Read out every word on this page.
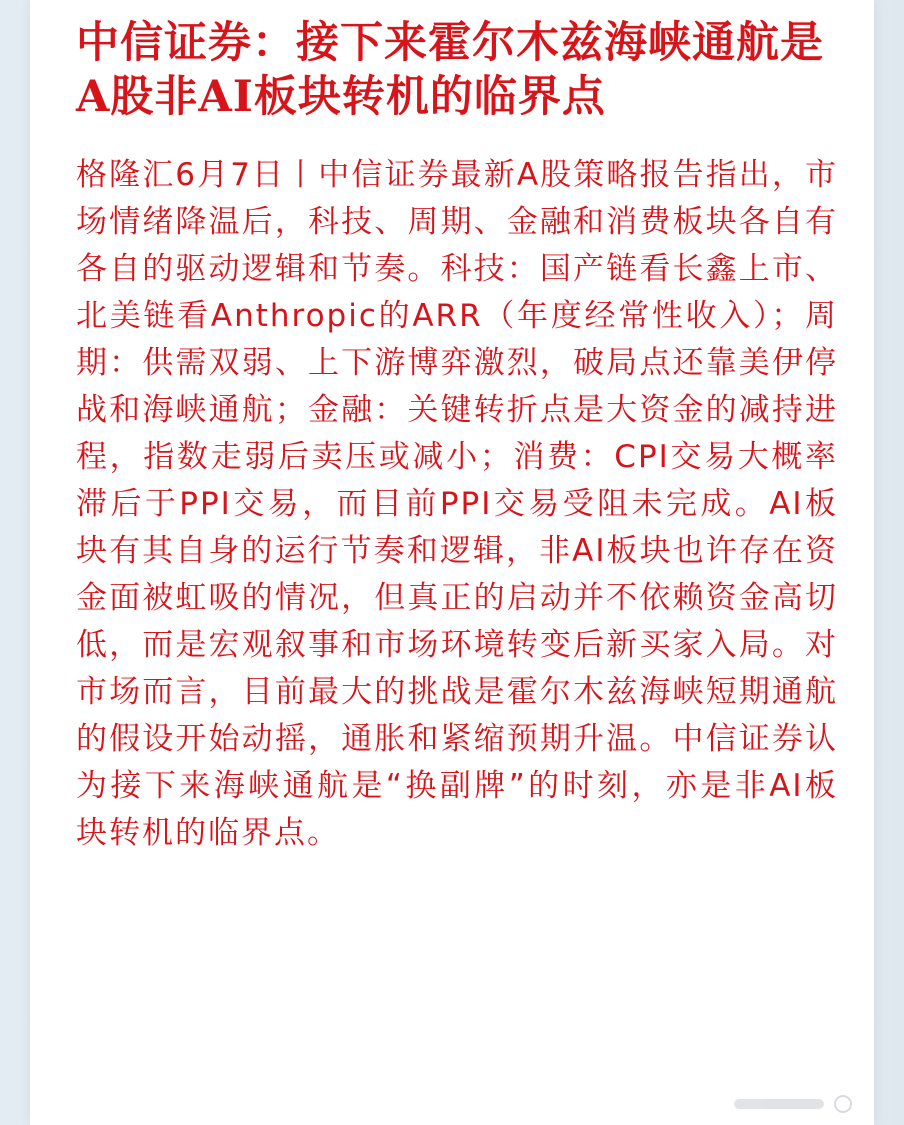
中信证券：接下来霍尔木兹海峡通航是A股非AI板块转机的临界点

格隆汇6月7日丨中信证券最新A股策略报告指出，市场情绪降温后，科技、周期、金融和消费板块各自有各自的驱动逻辑和节奏。科技：国产链看长鑫上市、北美链看Anthropic的ARR（年度经常性收入）；周期：供需双弱、上下游博弈激烈，破局点还靠美伊停战和海峡通航；金融：关键转折点是大资金的减持进程，指数走弱后卖压或减小；消费：CPI交易大概率滞后于PPI交易，而目前PPI交易受阻未完成。AI板块有其自身的运行节奏和逻辑，非AI板块也许存在资金面被虹吸的情况，但真正的启动并不依赖资金高切低，而是宏观叙事和市场环境转变后新买家入局。对市场而言，目前最大的挑战是霍尔木兹海峡短期通航的假设开始动摇，通胀和紧缩预期升温。中信证券认为接下来海峡通航是“换副牌”的时刻，亦是非AI板块转机的临界点。
